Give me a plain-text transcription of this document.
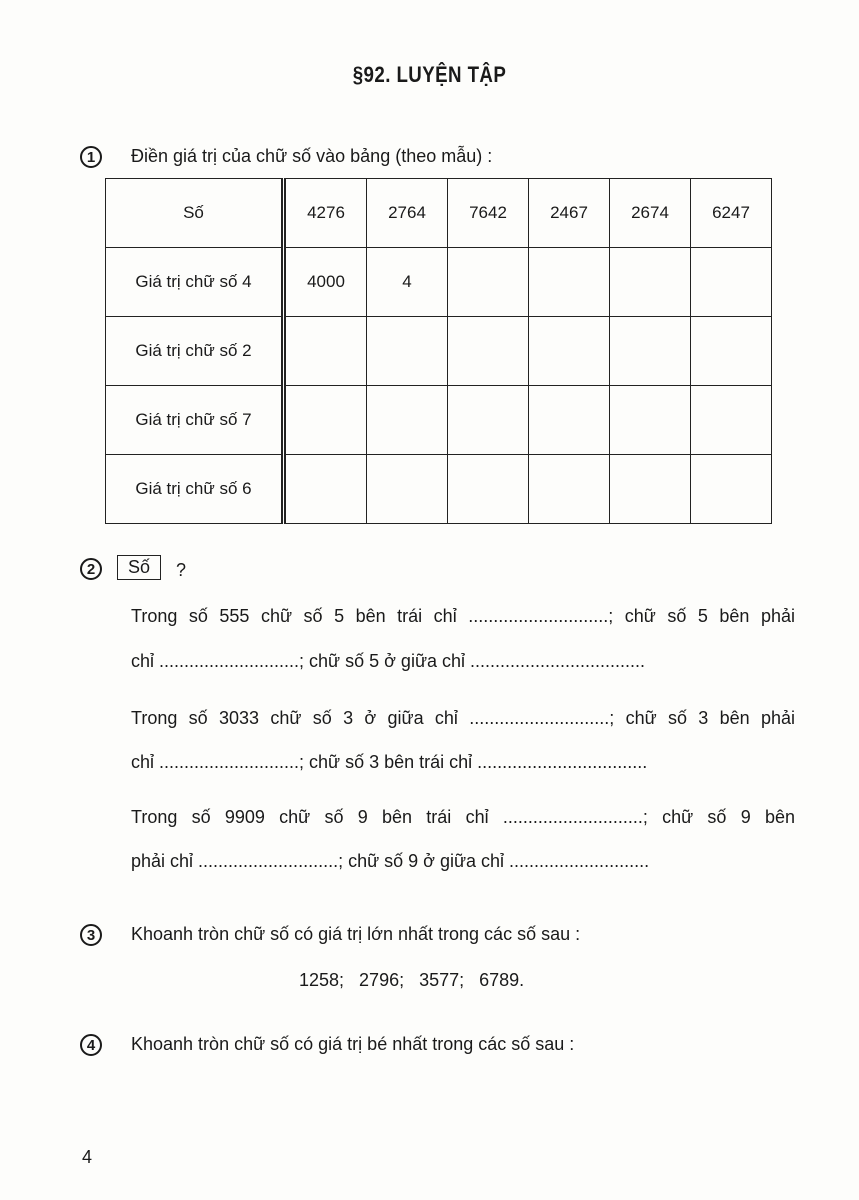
§92. LUYỆN TẬP
1	Điền giá trị của chữ số vào bảng (theo mẫu) :
Số	4276	2764	7642	2467	2674	6247
Giá trị chữ số 4	4000	4				
Giá trị chữ số 2						
Giá trị chữ số 7						
Giá trị chữ số 6						
2	Số	?
Trong số 555 chữ số 5 bên trái chỉ ............................; chữ số 5 bên phải
chỉ ............................; chữ số 5 ở giữa chỉ ...................................
Trong số 3033 chữ số 3 ở giữa chỉ ............................; chữ số 3 bên phải
chỉ ............................; chữ số 3 bên trái chỉ ..................................
Trong số 9909 chữ số 9 bên trái chỉ ............................; chữ số 9 bên
phải chỉ ............................; chữ số 9 ở giữa chỉ ............................
3	Khoanh tròn chữ số có giá trị lớn nhất trong các số sau :
1258;   2796;   3577;   6789.
4	Khoanh tròn chữ số có giá trị bé nhất trong các số sau :
4
